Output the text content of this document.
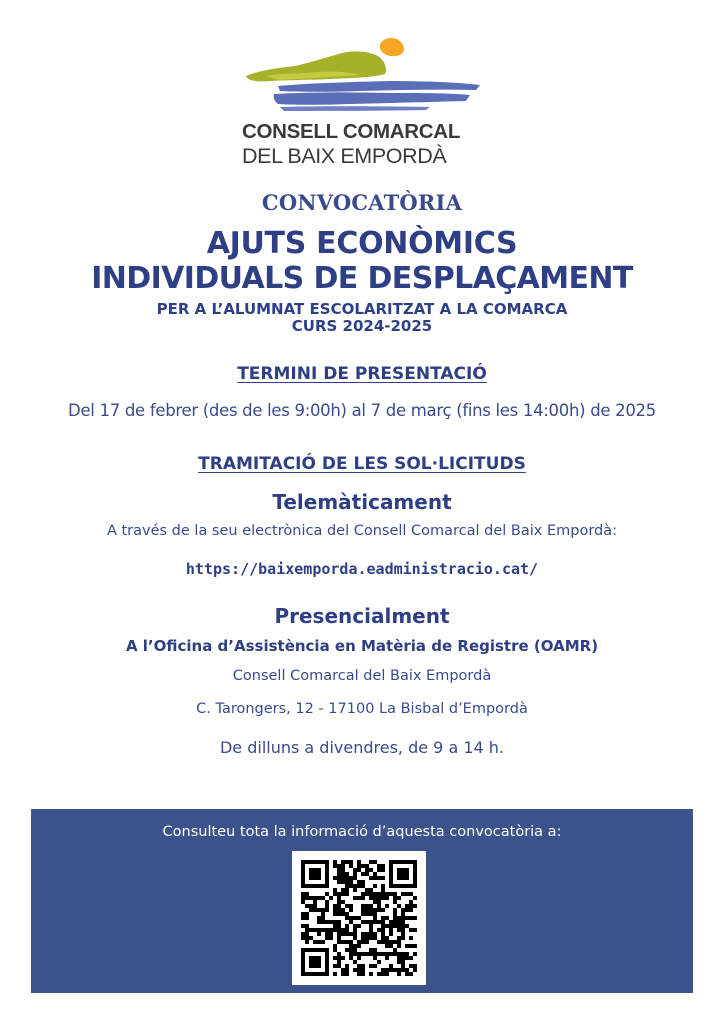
CONSELL COMARCAL
DEL BAIX EMPORDÀ
CONVOCATÒRIA
AJUTS ECONÒMICS
INDIVIDUALS DE DESPLAÇAMENT
PER A L’ALUMNAT ESCOLARITZAT A LA COMARCA
CURS 2024-2025
TERMINI DE PRESENTACIÓ
Del 17 de febrer (des de les 9:00h) al 7 de març (fins les 14:00h) de 2025
TRAMITACIÓ DE LES SOL·LICITUDS
Telemàticament
A través de la seu electrònica del Consell Comarcal del Baix Empordà:
https://baixemporda.eadministracio.cat/
Presencialment
A l’Oficina d’Assistència en Matèria de Registre (OAMR)
Consell Comarcal del Baix Empordà
C. Tarongers, 12 - 17100 La Bisbal d’Empordà
De dilluns a divendres, de 9 a 14 h.
Consulteu tota la informació d’aquesta convocatòria a:
